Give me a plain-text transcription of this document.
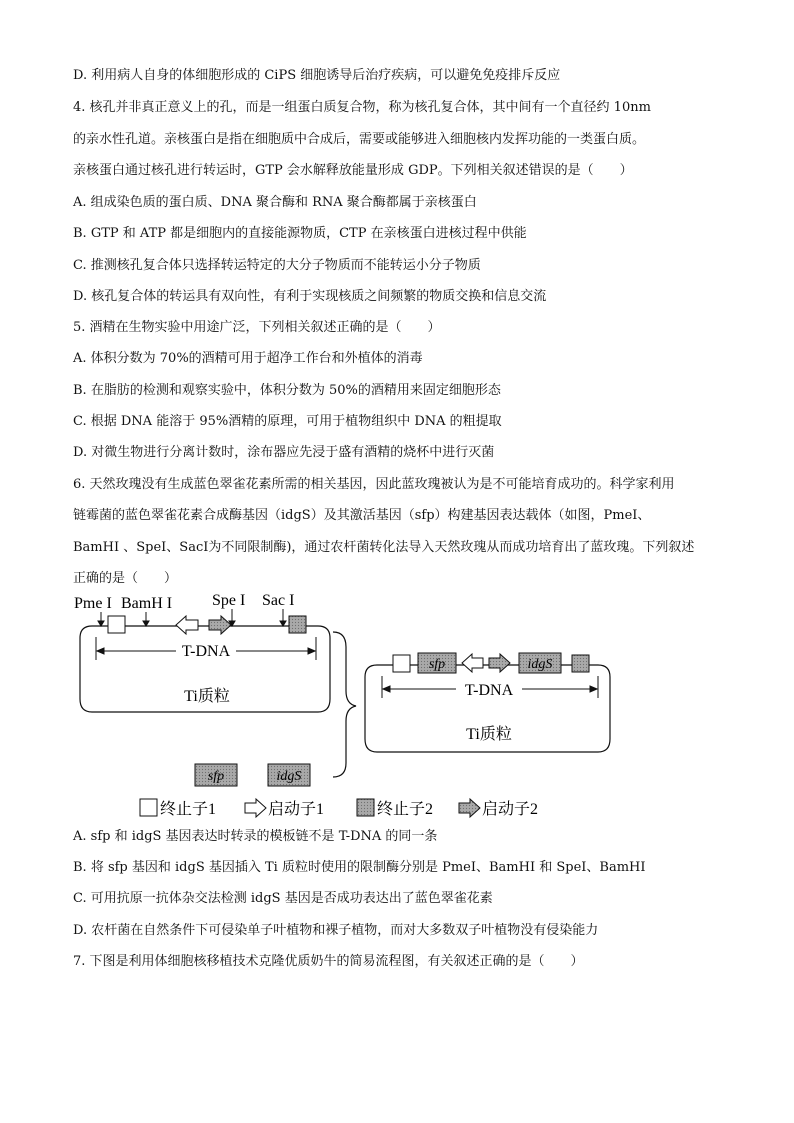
D. 利用病人自身的体细胞形成的 CiPS 细胞诱导后治疗疾病，可以避免免疫排斥反应
4. 核孔并非真正意义上的孔，而是一组蛋白质复合物，称为核孔复合体，其中间有一个直径约 10nm
的亲水性孔道。亲核蛋白是指在细胞质中合成后，需要或能够进入细胞核内发挥功能的一类蛋白质。
亲核蛋白通过核孔进行转运时，GTP 会水解释放能量形成 GDP。下列相关叙述错误的是（　　）
A. 组成染色质的蛋白质、DNA 聚合酶和 RNA 聚合酶都属于亲核蛋白
B. GTP 和 ATP 都是细胞内的直接能源物质，CTP 在亲核蛋白进核过程中供能
C. 推测核孔复合体只选择转运特定的大分子物质而不能转运小分子物质
D. 核孔复合体的转运具有双向性，有利于实现核质之间频繁的物质交换和信息交流
5. 酒精在生物实验中用途广泛，下列相关叙述正确的是（　　）
A. 体积分数为 70%的酒精可用于超净工作台和外植体的消毒
B. 在脂肪的检测和观察实验中，体积分数为 50%的酒精用来固定细胞形态
C. 根据 DNA 能溶于 95%酒精的原理，可用于植物组织中 DNA 的粗提取
D. 对微生物进行分离计数时，涂布器应先浸于盛有酒精的烧杯中进行灭菌
6. 天然玫瑰没有生成蓝色翠雀花素所需的相关基因，因此蓝玫瑰被认为是不可能培育成功的。科学家利用
链霉菌的蓝色翠雀花素合成酶基因（idgS）及其激活基因（sfp）构建基因表达载体（如图，PmeI、
BamHI 、SpeI、SacI为不同限制酶)，通过农杆菌转化法导入天然玫瑰从而成功培育出了蓝玫瑰。下列叙述
正确的是（　　）
Pme I BamH I Spe I Sac I
T-DNA
Ti质粒
sfp	idgS
T-DNA
Ti质粒
sfp	idgS
终止子1	启动子1	终止子2	启动子2
A. sfp 和 idgS 基因表达时转录的模板链不是 T-DNA 的同一条
B. 将 sfp 基因和 idgS 基因插入 Ti 质粒时使用的限制酶分别是 PmeI、BamHI 和 SpeI、BamHI
C. 可用抗原一抗体杂交法检测 idgS 基因是否成功表达出了蓝色翠雀花素
D. 农杆菌在自然条件下可侵染单子叶植物和裸子植物，而对大多数双子叶植物没有侵染能力
7. 下图是利用体细胞核移植技术克隆优质奶牛的简易流程图，有关叙述正确的是（　　）
